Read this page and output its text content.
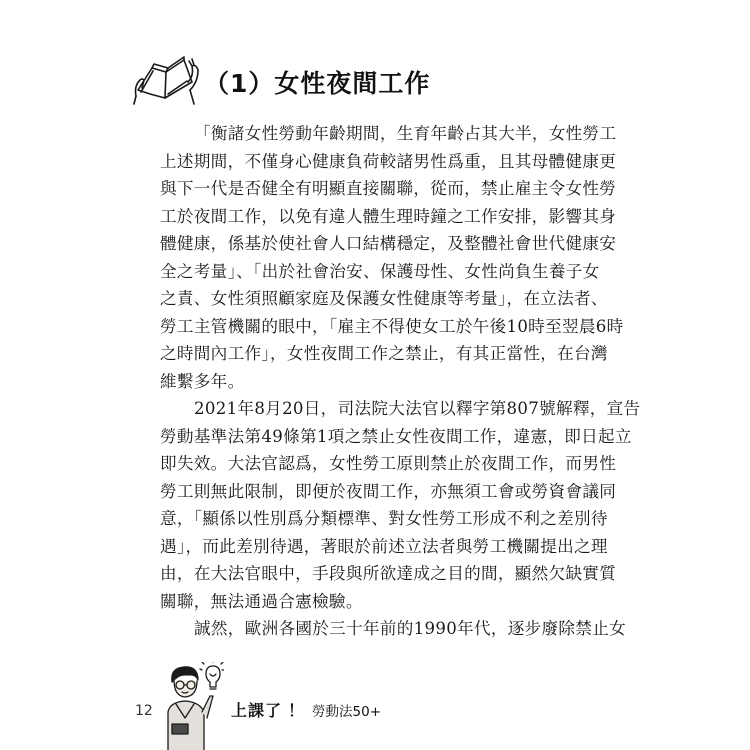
（1）女性夜間工作

「衡諸女性勞動年齡期間，生育年齡占其大半，女性勞工
上述期間，不僅身心健康負荷較諸男性爲重，且其母體健康更
與下一代是否健全有明顯直接關聯，從而，禁止雇主令女性勞
工於夜間工作，以免有違人體生理時鐘之工作安排，影響其身
體健康，係基於使社會人口結構穩定，及整體社會世代健康安
全之考量」、「出於社會治安、保護母性、女性尚負生養子女
之責、女性須照顧家庭及保護女性健康等考量」，在立法者、
勞工主管機關的眼中，「雇主不得使女工於午後10時至翌晨6時
之時間內工作」，女性夜間工作之禁止，有其正當性，在台灣
維繫多年。

2021年8月20日，司法院大法官以釋字第807號解釋，宣告
勞動基準法第49條第1項之禁止女性夜間工作，違憲，即日起立
即失效。大法官認爲，女性勞工原則禁止於夜間工作，而男性
勞工則無此限制，即便於夜間工作，亦無須工會或勞資會議同
意，「顯係以性別爲分類標準、對女性勞工形成不利之差別待
遇」，而此差別待遇，著眼於前述立法者與勞工機關提出之理
由，在大法官眼中，手段與所欲達成之目的間，顯然欠缺實質
關聯，無法通過合憲檢驗。

誠然，歐洲各國於三十年前的1990年代，逐步廢除禁止女

12	上課了 ！ 勞動法50+
